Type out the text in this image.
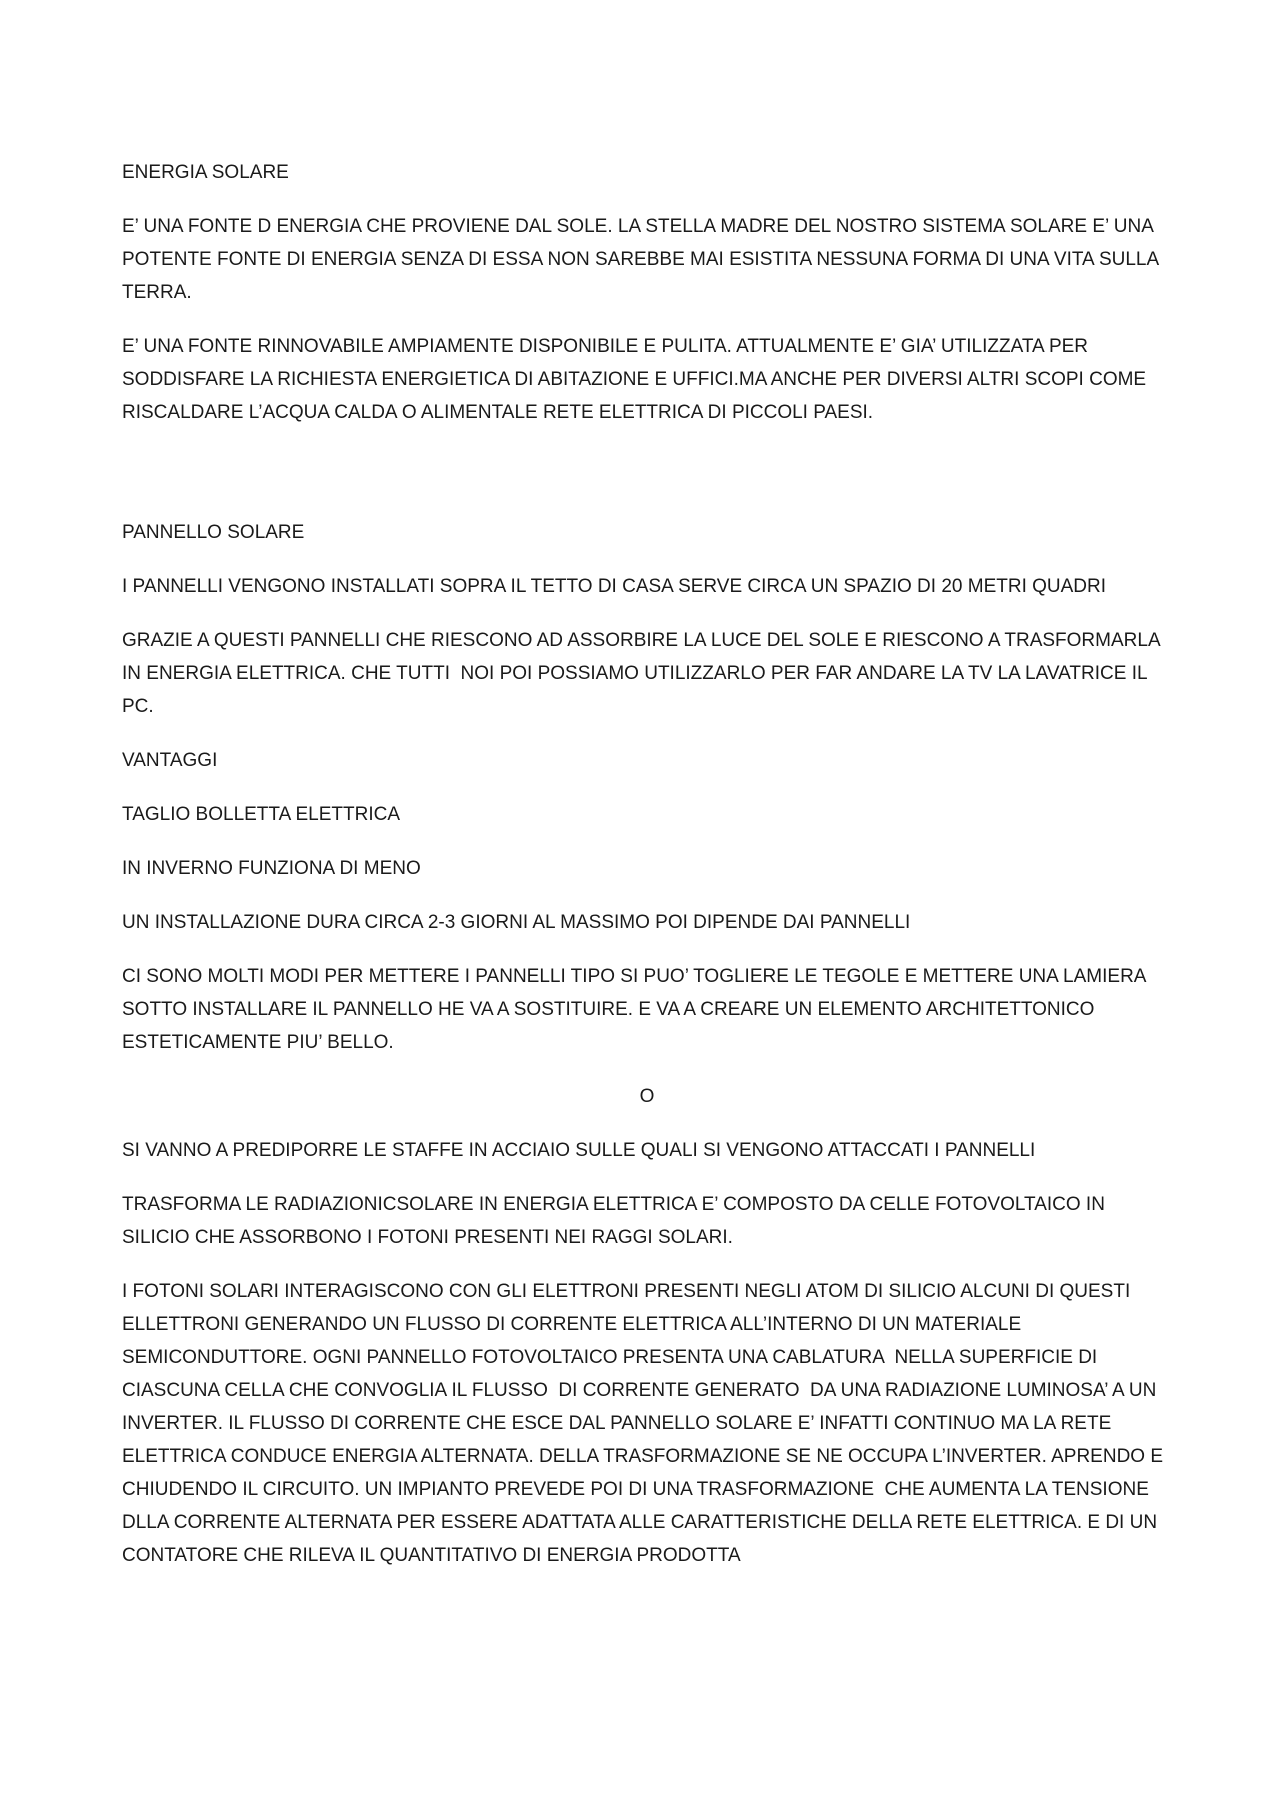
ENERGIA SOLARE

E’ UNA FONTE D ENERGIA CHE PROVIENE DAL SOLE. LA STELLA MADRE DEL NOSTRO SISTEMA SOLARE E’ UNA POTENTE FONTE DI ENERGIA SENZA DI ESSA NON SAREBBE MAI ESISTITA NESSUNA FORMA DI UNA VITA SULLA TERRA.

E’ UNA FONTE RINNOVABILE AMPIAMENTE DISPONIBILE E PULITA. ATTUALMENTE E’ GIA’ UTILIZZATA PER SODDISFARE LA RICHIESTA ENERGIETICA DI ABITAZIONE E UFFICI.MA ANCHE PER DIVERSI ALTRI SCOPI COME RISCALDARE L’ACQUA CALDA O ALIMENTALE RETE ELETTRICA DI PICCOLI PAESI.

PANNELLO SOLARE

I PANNELLI VENGONO INSTALLATI SOPRA IL TETTO DI CASA SERVE CIRCA UN SPAZIO DI 20 METRI QUADRI

GRAZIE A QUESTI PANNELLI CHE RIESCONO AD ASSORBIRE LA LUCE DEL SOLE E RIESCONO A TRASFORMARLA IN ENERGIA ELETTRICA. CHE TUTTI  NOI POI POSSIAMO UTILIZZARLO PER FAR ANDARE LA TV LA LAVATRICE IL PC.

VANTAGGI

TAGLIO BOLLETTA ELETTRICA

IN INVERNO FUNZIONA DI MENO

UN INSTALLAZIONE DURA CIRCA 2-3 GIORNI AL MASSIMO POI DIPENDE DAI PANNELLI

CI SONO MOLTI MODI PER METTERE I PANNELLI TIPO SI PUO’ TOGLIERE LE TEGOLE E METTERE UNA LAMIERA SOTTO INSTALLARE IL PANNELLO HE VA A SOSTITUIRE. E VA A CREARE UN ELEMENTO ARCHITETTONICO ESTETICAMENTE PIU’ BELLO.

O

SI VANNO A PREDIPORRE LE STAFFE IN ACCIAIO SULLE QUALI SI VENGONO ATTACCATI I PANNELLI

TRASFORMA LE RADIAZIONICSOLARE IN ENERGIA ELETTRICA E’ COMPOSTO DA CELLE FOTOVOLTAICO IN SILICIO CHE ASSORBONO I FOTONI PRESENTI NEI RAGGI SOLARI.

I FOTONI SOLARI INTERAGISCONO CON GLI ELETTRONI PRESENTI NEGLI ATOM DI SILICIO ALCUNI DI QUESTI ELLETTRONI GENERANDO UN FLUSSO DI CORRENTE ELETTRICA ALL’INTERNO DI UN MATERIALE SEMICONDUTTORE. OGNI PANNELLO FOTOVOLTAICO PRESENTA UNA CABLATURA  NELLA SUPERFICIE DI CIASCUNA CELLA CHE CONVOGLIA IL FLUSSO  DI CORRENTE GENERATO  DA UNA RADIAZIONE LUMINOSA’ A UN INVERTER. IL FLUSSO DI CORRENTE CHE ESCE DAL PANNELLO SOLARE E’ INFATTI CONTINUO MA LA RETE ELETTRICA CONDUCE ENERGIA ALTERNATA. DELLA TRASFORMAZIONE SE NE OCCUPA L’INVERTER. APRENDO E CHIUDENDO IL CIRCUITO. UN IMPIANTO PREVEDE POI DI UNA TRASFORMAZIONE  CHE AUMENTA LA TENSIONE DLLA CORRENTE ALTERNATA PER ESSERE ADATTATA ALLE CARATTERISTICHE DELLA RETE ELETTRICA. E DI UN CONTATORE CHE RILEVA IL QUANTITATIVO DI ENERGIA PRODOTTA
